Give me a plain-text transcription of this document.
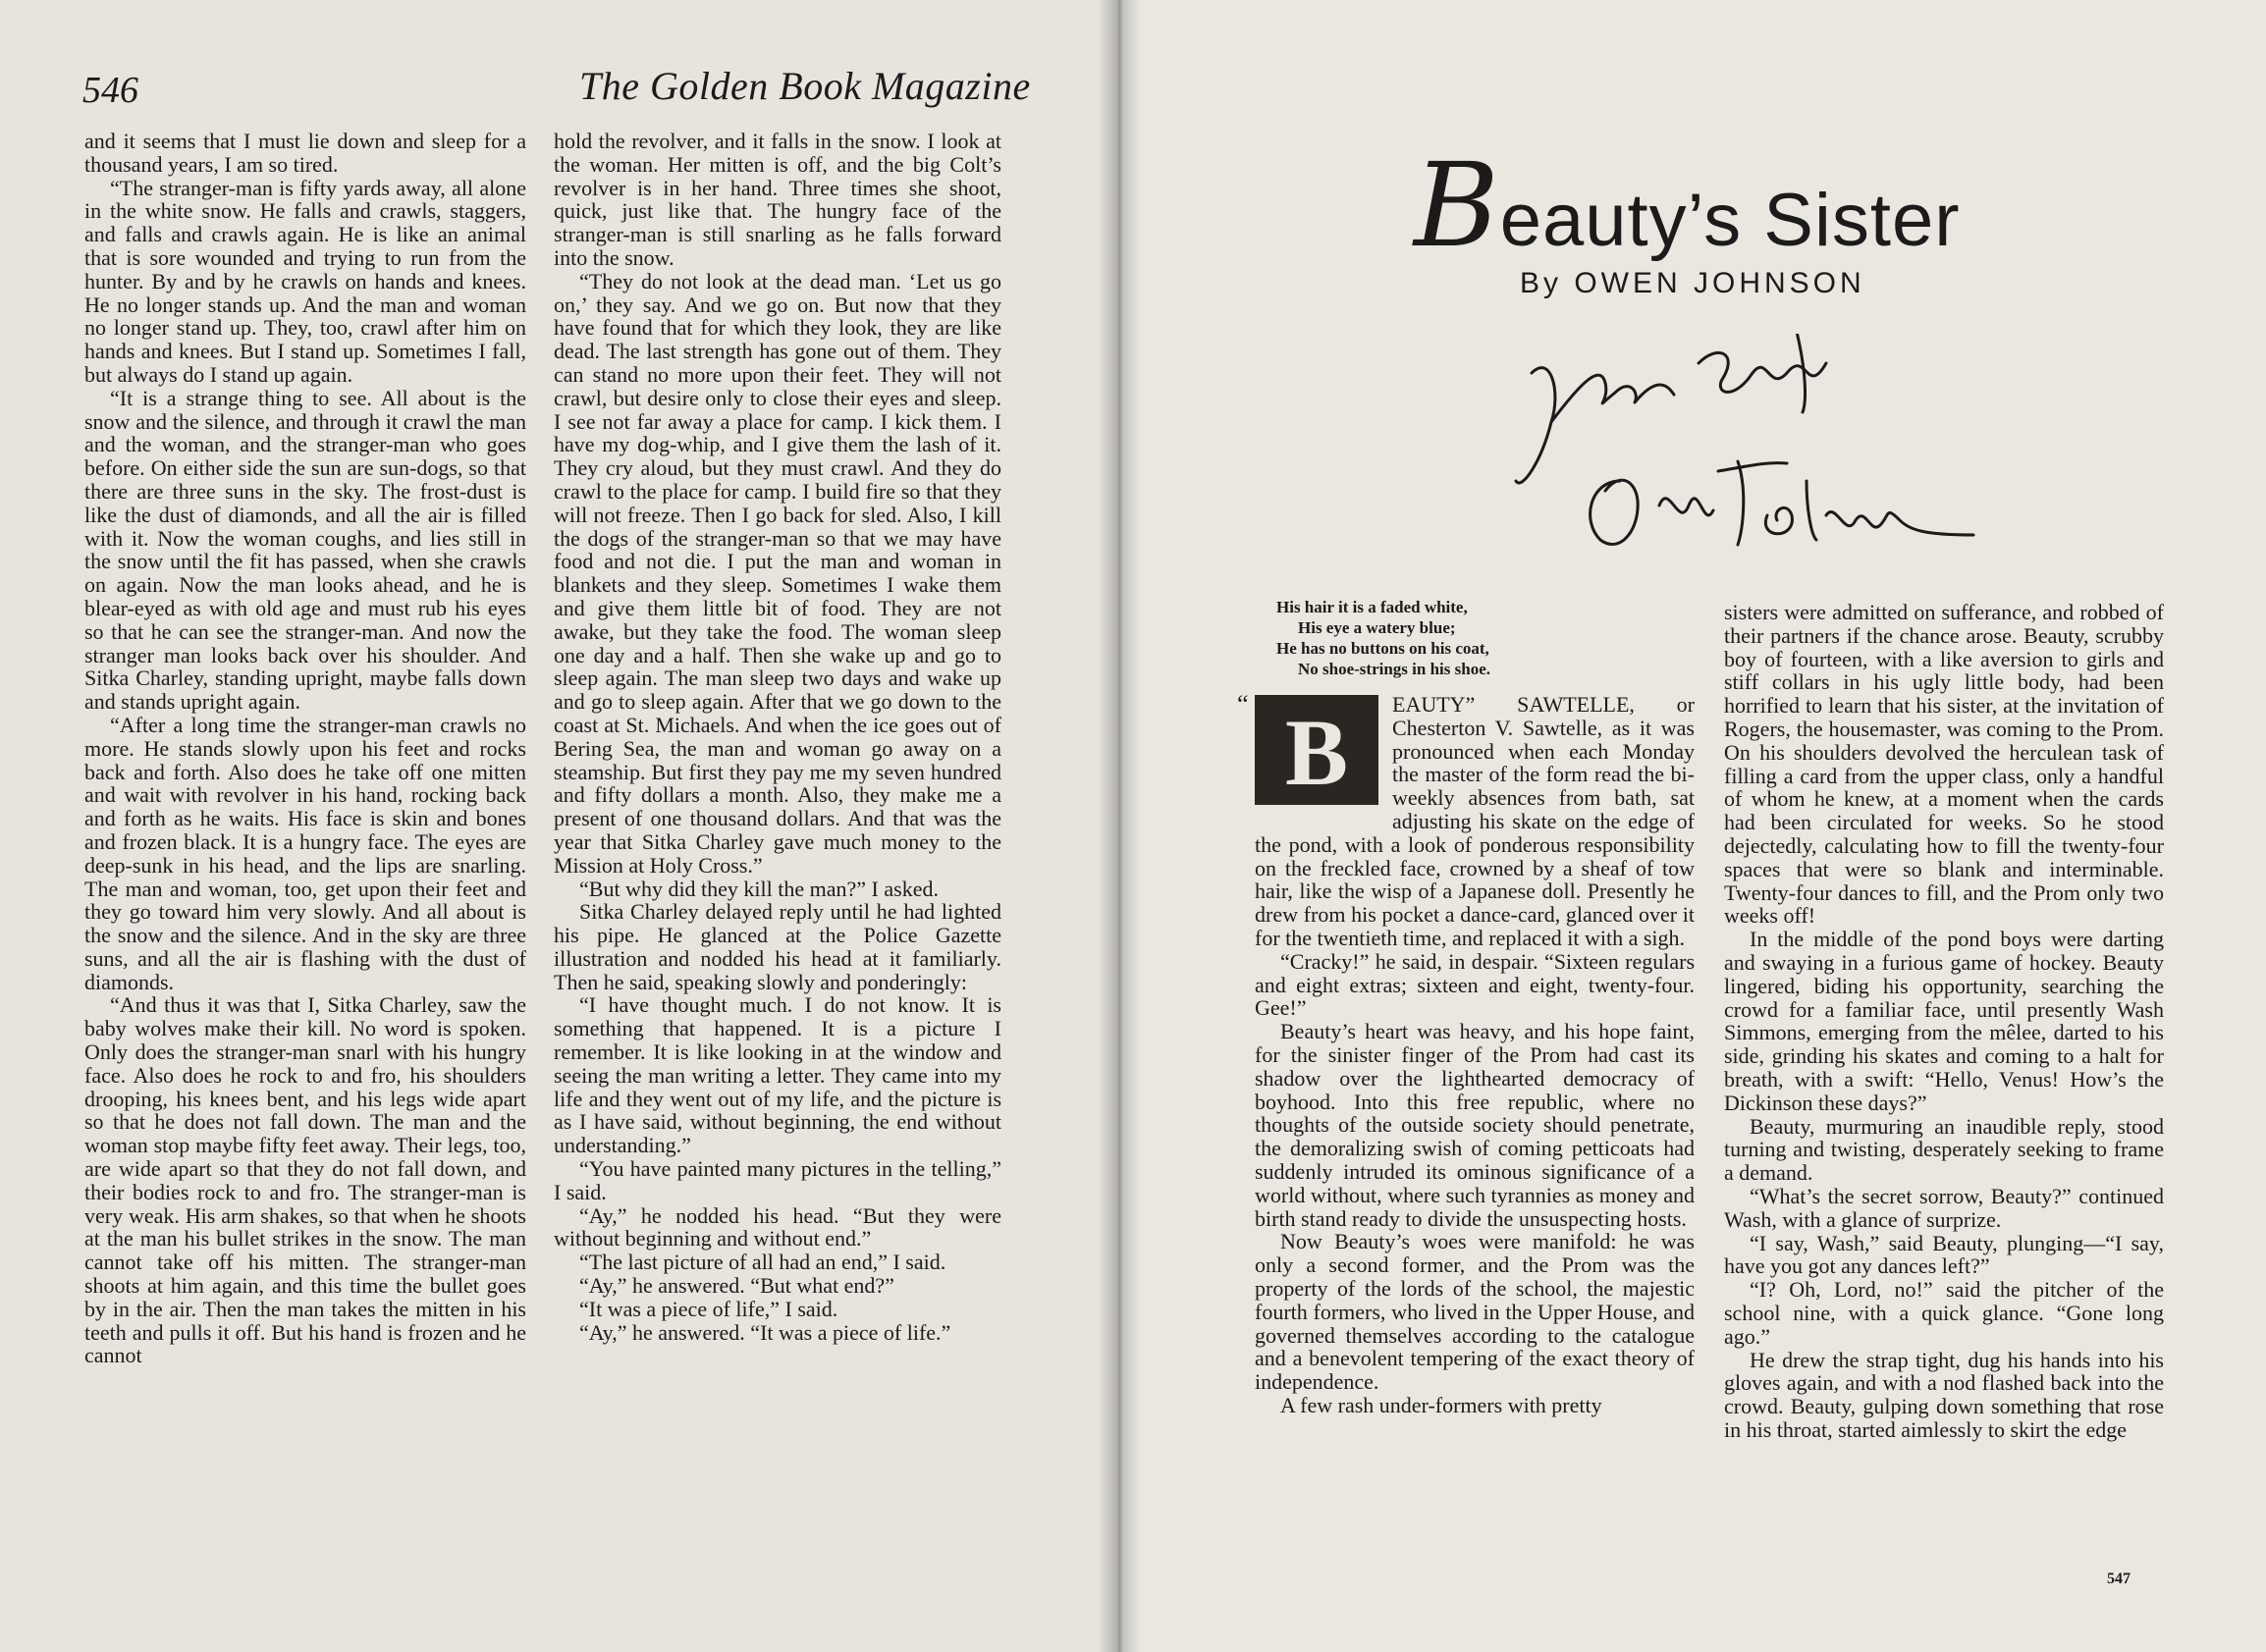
546	The Golden Book Magazine

and it seems that I must lie down and sleep for a thousand years, I am so tired.

“The stranger-man is fifty yards away, all alone in the white snow. He falls and crawls, staggers, and falls and crawls again. He is like an animal that is sore wounded and trying to run from the hunter. By and by he crawls on hands and knees. He no longer stands up. And the man and woman no longer stand up. They, too, crawl after him on hands and knees. But I stand up. Sometimes I fall, but always do I stand up again.

“It is a strange thing to see. All about is the snow and the silence, and through it crawl the man and the woman, and the stranger-man who goes before. On either side the sun are sun-dogs, so that there are three suns in the sky. The frost-dust is like the dust of diamonds, and all the air is filled with it. Now the woman coughs, and lies still in the snow until the fit has passed, when she crawls on again. Now the man looks ahead, and he is blear-eyed as with old age and must rub his eyes so that he can see the stranger-man. And now the stranger man looks back over his shoulder. And Sitka Charley, standing upright, maybe falls down and stands upright again.

“After a long time the stranger-man crawls no more. He stands slowly upon his feet and rocks back and forth. Also does he take off one mitten and wait with revolver in his hand, rocking back and forth as he waits. His face is skin and bones and frozen black. It is a hungry face. The eyes are deep-sunk in his head, and the lips are snarling. The man and woman, too, get upon their feet and they go toward him very slowly. And all about is the snow and the silence. And in the sky are three suns, and all the air is flashing with the dust of diamonds.

“And thus it was that I, Sitka Charley, saw the baby wolves make their kill. No word is spoken. Only does the stranger-man snarl with his hungry face. Also does he rock to and fro, his shoulders drooping, his knees bent, and his legs wide apart so that he does not fall down. The man and the woman stop maybe fifty feet away. Their legs, too, are wide apart so that they do not fall down, and their bodies rock to and fro. The stranger-man is very weak. His arm shakes, so that when he shoots at the man his bullet strikes in the snow. The man cannot take off his mitten. The stranger-man shoots at him again, and this time the bullet goes by in the air. Then the man takes the mitten in his teeth and pulls it off. But his hand is frozen and he cannot

hold the revolver, and it falls in the snow. I look at the woman. Her mitten is off, and the big Colt’s revolver is in her hand. Three times she shoot, quick, just like that. The hungry face of the stranger-man is still snarling as he falls forward into the snow.

“They do not look at the dead man. ‘Let us go on,’ they say. And we go on. But now that they have found that for which they look, they are like dead. The last strength has gone out of them. They can stand no more upon their feet. They will not crawl, but desire only to close their eyes and sleep. I see not far away a place for camp. I kick them. I have my dog-whip, and I give them the lash of it. They cry aloud, but they must crawl. And they do crawl to the place for camp. I build fire so that they will not freeze. Then I go back for sled. Also, I kill the dogs of the stranger-man so that we may have food and not die. I put the man and woman in blankets and they sleep. Sometimes I wake them and give them little bit of food. They are not awake, but they take the food. The woman sleep one day and a half. Then she wake up and go to sleep again. The man sleep two days and wake up and go to sleep again. After that we go down to the coast at St. Michaels. And when the ice goes out of Bering Sea, the man and woman go away on a steamship. But first they pay me my seven hundred and fifty dollars a month. Also, they make me a present of one thousand dollars. And that was the year that Sitka Charley gave much money to the Mission at Holy Cross.”

“But why did they kill the man?” I asked.

Sitka Charley delayed reply until he had lighted his pipe. He glanced at the Police Gazette illustration and nodded his head at it familiarly. Then he said, speaking slowly and ponderingly:

“I have thought much. I do not know. It is something that happened. It is a picture I remember. It is like looking in at the window and seeing the man writing a letter. They came into my life and they went out of my life, and the picture is as I have said, without beginning, the end without understanding.”

“You have painted many pictures in the telling,” I said.

“Ay,” he nodded his head. “But they were without beginning and without end.”

“The last picture of all had an end,” I said.

“Ay,” he answered. “But what end?”

“It was a piece of life,” I said.

“Ay,” he answered. “It was a piece of life.”

Beauty’s Sister
By OWEN JOHNSON
His hair it is a faded white,
His eye a watery blue;
He has no buttons on his coat,
No shoe-strings in his shoe.
“ B	EAUTY” SAWTELLE, or Chesterton V. Sawtelle, as it was pronounced when each Monday the master of the form read the bi-weekly absences from bath, sat adjusting his skate on the edge of the pond, with a look of ponderous responsibility on the freckled face, crowned by a sheaf of tow hair, like the wisp of a Japanese doll. Presently he drew from his pocket a dance-card, glanced over it for the twentieth time, and replaced it with a sigh.

“Cracky!” he said, in despair. “Sixteen regulars and eight extras; sixteen and eight, twenty-four. Gee!”

Beauty’s heart was heavy, and his hope faint, for the sinister finger of the Prom had cast its shadow over the lighthearted democracy of boyhood. Into this free republic, where no thoughts of the outside society should penetrate, the demoralizing swish of coming petticoats had suddenly intruded its ominous significance of a world without, where such tyrannies as money and birth stand ready to divide the unsuspecting hosts.

Now Beauty’s woes were manifold: he was only a second former, and the Prom was the property of the lords of the school, the majestic fourth formers, who lived in the Upper House, and governed themselves according to the catalogue and a benevolent tempering of the exact theory of independence.

A few rash under-formers with pretty

sisters were admitted on sufferance, and robbed of their partners if the chance arose. Beauty, scrubby boy of fourteen, with a like aversion to girls and stiff collars in his ugly little body, had been horrified to learn that his sister, at the invitation of Rogers, the housemaster, was coming to the Prom. On his shoulders devolved the herculean task of filling a card from the upper class, only a handful of whom he knew, at a moment when the cards had been circulated for weeks. So he stood dejectedly, calculating how to fill the twenty-four spaces that were so blank and interminable. Twenty-four dances to fill, and the Prom only two weeks off!

In the middle of the pond boys were darting and swaying in a furious game of hockey. Beauty lingered, biding his opportunity, searching the crowd for a familiar face, until presently Wash Simmons, emerging from the mêlee, darted to his side, grinding his skates and coming to a halt for breath, with a swift: “Hello, Venus! How’s the Dickinson these days?”

Beauty, murmuring an inaudible reply, stood turning and twisting, desperately seeking to frame a demand.

“What’s the secret sorrow, Beauty?” continued Wash, with a glance of surprize.

“I say, Wash,” said Beauty, plunging—“I say, have you got any dances left?”

“I? Oh, Lord, no!” said the pitcher of the school nine, with a quick glance. “Gone long ago.”

He drew the strap tight, dug his hands into his gloves again, and with a nod flashed back into the crowd. Beauty, gulping down something that rose in his throat, started aimlessly to skirt the edge

547
